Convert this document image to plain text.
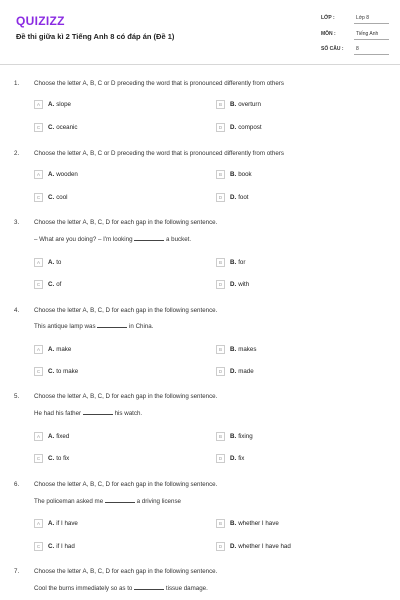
QUIZIZZ
Đề thi giữa kì 2 Tiếng Anh 8 có đáp án (Đề 1)
LỚP :	Lớp 8
MÔN :	Tiếng Anh
SỐ CÂU :	8
1. Choose the letter A, B, C or D preceding the word that is pronounced differently from others
A	A. slope	B	B. overturn
C	C. oceanic	D	D. compost
2. Choose the letter A, B, C or D preceding the word that is pronounced differently from others
A	A. wooden	B	B. book
C	C. cool	D	D. foot
3. Choose the letter A, B, C, D for each gap in the following sentence.
– What are you doing? – I'm looking	a bucket.
A	A. to	B	B. for
C	C. of	D	D. with
4. Choose the letter A, B, C, D for each gap in the following sentence.
This antique lamp was	in China.
A	A. make	B	B. makes
C	C. to make	D	D. made
5. Choose the letter A, B, C, D for each gap in the following sentence.
He had his father	his watch.
A	A. fixed	B	B. fixing
C	C. to fix	D	D. fix
6. Choose the letter A, B, C, D for each gap in the following sentence.
The policeman asked me	a driving license
A	A. if I have	B	B. whether I have
C	C. if I had	D	D. whether I have had
7. Choose the letter A, B, C, D for each gap in the following sentence.
Cool the burns immediately so as to	tissue damage.
